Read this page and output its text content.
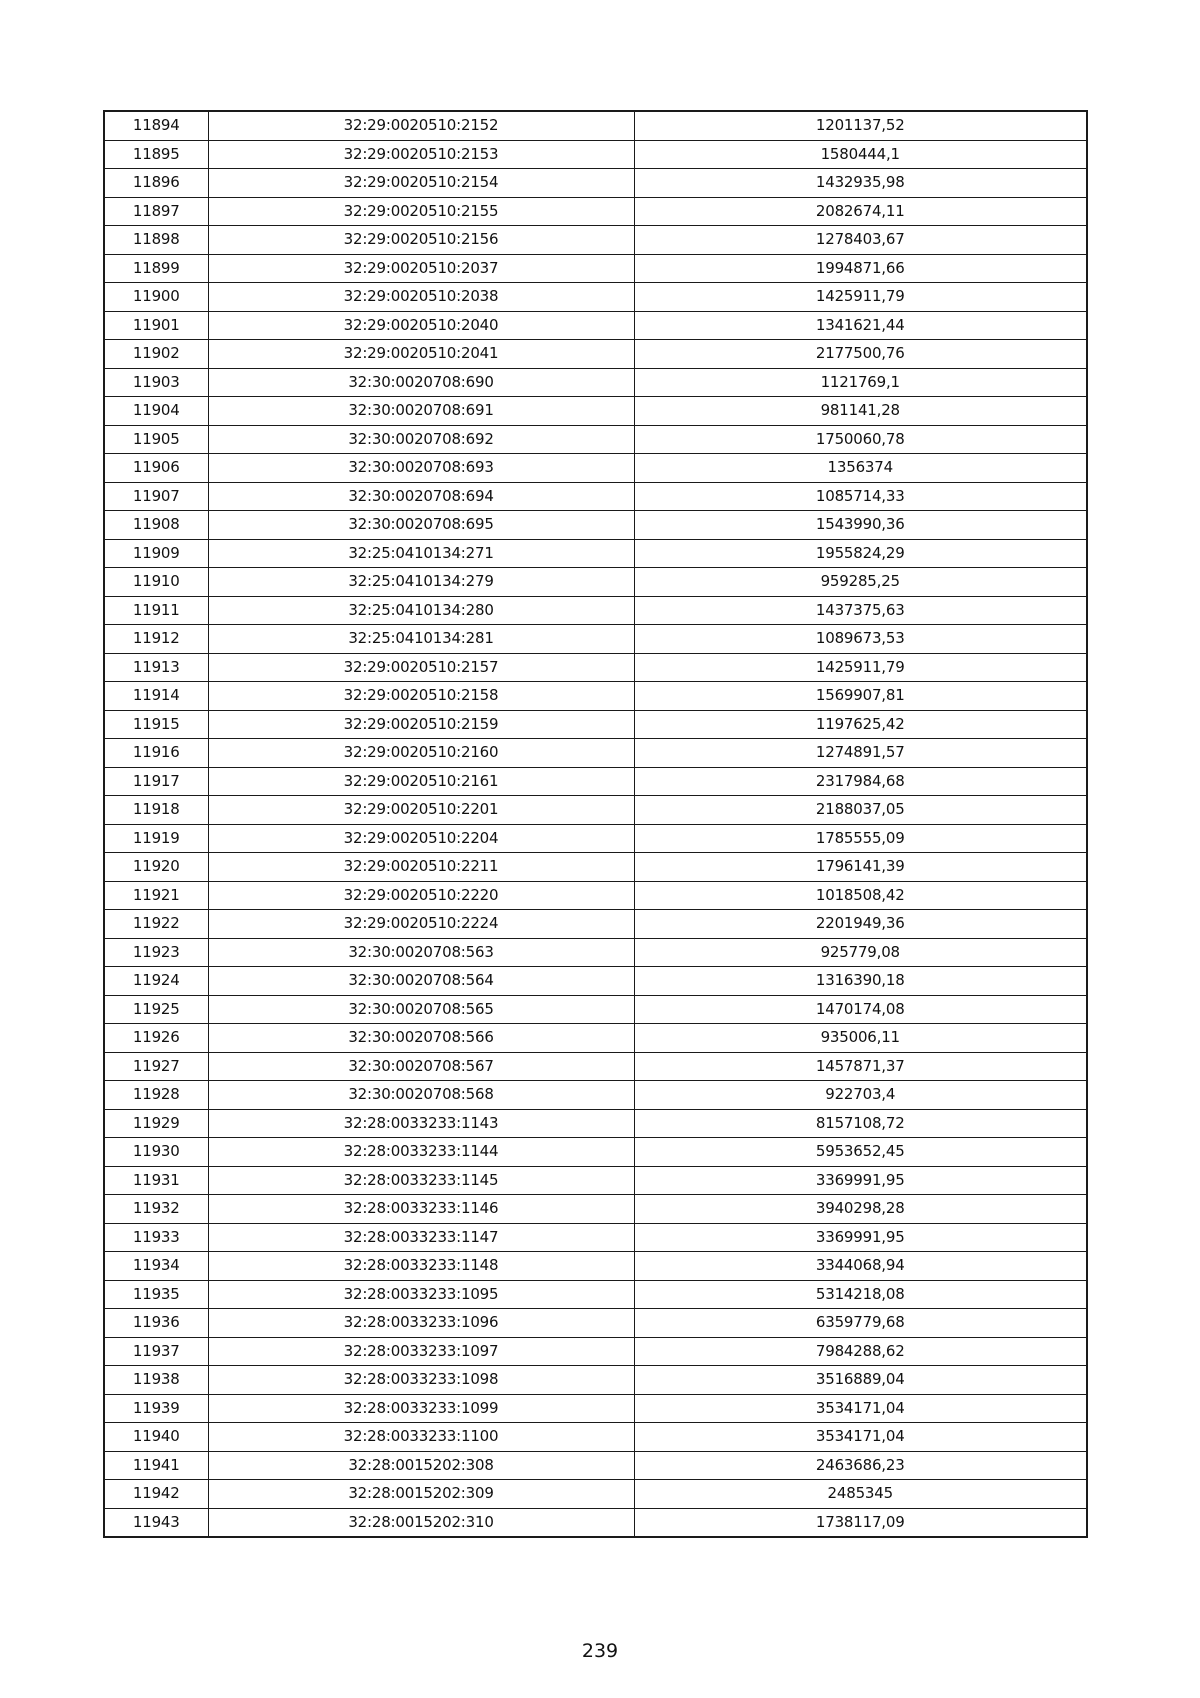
11894	32:29:0020510:2152	1201137,52
11895	32:29:0020510:2153	1580444,1
11896	32:29:0020510:2154	1432935,98
11897	32:29:0020510:2155	2082674,11
11898	32:29:0020510:2156	1278403,67
11899	32:29:0020510:2037	1994871,66
11900	32:29:0020510:2038	1425911,79
11901	32:29:0020510:2040	1341621,44
11902	32:29:0020510:2041	2177500,76
11903	32:30:0020708:690	1121769,1
11904	32:30:0020708:691	981141,28
11905	32:30:0020708:692	1750060,78
11906	32:30:0020708:693	1356374
11907	32:30:0020708:694	1085714,33
11908	32:30:0020708:695	1543990,36
11909	32:25:0410134:271	1955824,29
11910	32:25:0410134:279	959285,25
11911	32:25:0410134:280	1437375,63
11912	32:25:0410134:281	1089673,53
11913	32:29:0020510:2157	1425911,79
11914	32:29:0020510:2158	1569907,81
11915	32:29:0020510:2159	1197625,42
11916	32:29:0020510:2160	1274891,57
11917	32:29:0020510:2161	2317984,68
11918	32:29:0020510:2201	2188037,05
11919	32:29:0020510:2204	1785555,09
11920	32:29:0020510:2211	1796141,39
11921	32:29:0020510:2220	1018508,42
11922	32:29:0020510:2224	2201949,36
11923	32:30:0020708:563	925779,08
11924	32:30:0020708:564	1316390,18
11925	32:30:0020708:565	1470174,08
11926	32:30:0020708:566	935006,11
11927	32:30:0020708:567	1457871,37
11928	32:30:0020708:568	922703,4
11929	32:28:0033233:1143	8157108,72
11930	32:28:0033233:1144	5953652,45
11931	32:28:0033233:1145	3369991,95
11932	32:28:0033233:1146	3940298,28
11933	32:28:0033233:1147	3369991,95
11934	32:28:0033233:1148	3344068,94
11935	32:28:0033233:1095	5314218,08
11936	32:28:0033233:1096	6359779,68
11937	32:28:0033233:1097	7984288,62
11938	32:28:0033233:1098	3516889,04
11939	32:28:0033233:1099	3534171,04
11940	32:28:0033233:1100	3534171,04
11941	32:28:0015202:308	2463686,23
11942	32:28:0015202:309	2485345
11943	32:28:0015202:310	1738117,09
239
